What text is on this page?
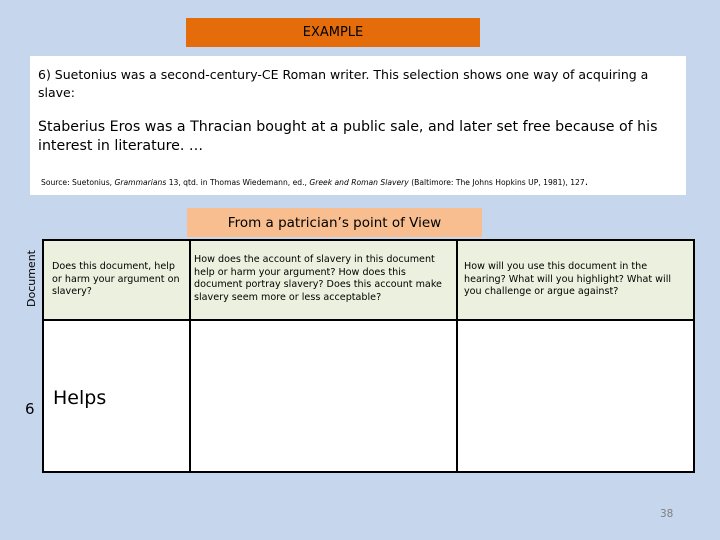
EXAMPLE
6) Suetonius was a second-century-CE Roman writer. This selection shows one way of acquiring a slave:
Staberius Eros was a Thracian bought at a public sale, and later set free because of his interest in literature. …
Source: Suetonius, Grammarians 13, qtd. in Thomas Wiedemann, ed., Greek and Roman Slavery (Baltimore: The Johns Hopkins UP, 1981), 127.
From a patrician’s point of View
Document
6
Does this document, help or harm your argument on slavery?
How does the account of slavery in this document help or harm your argument? How does this document portray slavery? Does this account make slavery seem more or less acceptable?
How will you use this document in the hearing? What will you highlight? What will you challenge or argue against?
Helps
38
